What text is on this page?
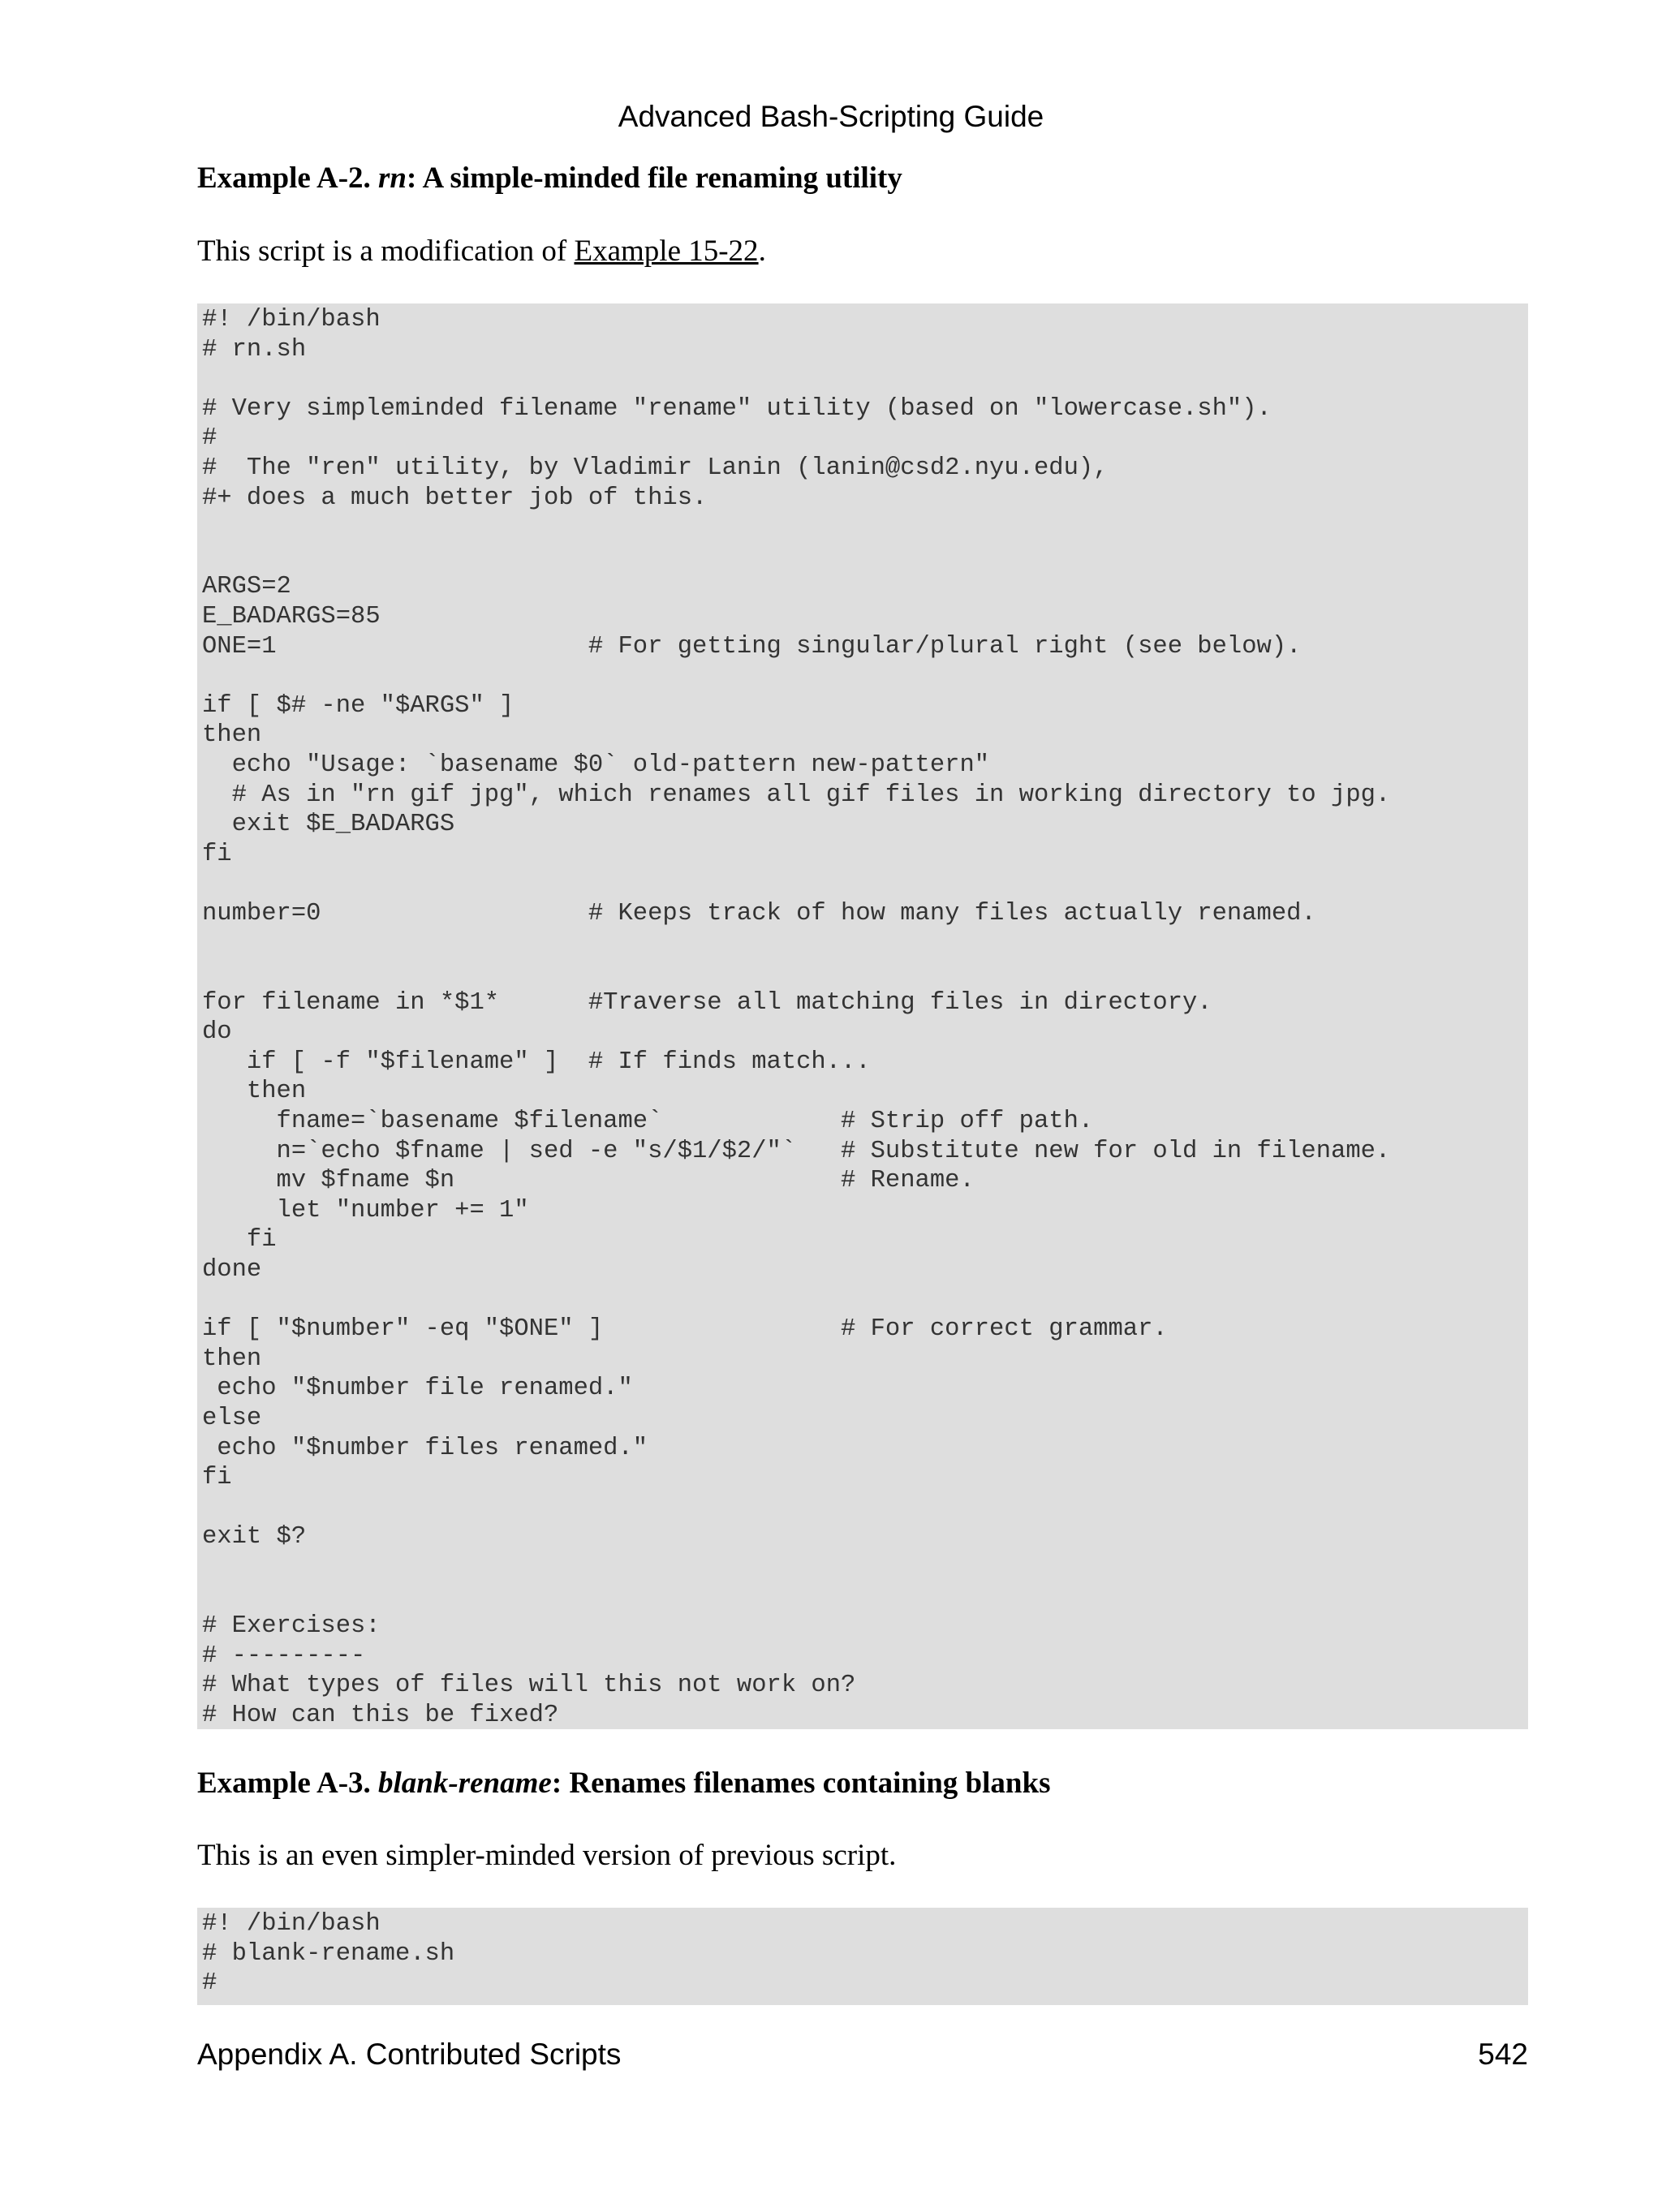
Advanced Bash-Scripting Guide
Example A-2. rn: A simple-minded file renaming utility
This script is a modification of Example 15-22.
#! /bin/bash
# rn.sh

# Very simpleminded filename "rename" utility (based on "lowercase.sh").
#
#  The "ren" utility, by Vladimir Lanin (lanin@csd2.nyu.edu),
#+ does a much better job of this.

ARGS=2
E_BADARGS=85
ONE=1                     # For getting singular/plural right (see below).

if [ $# -ne "$ARGS" ]
then
echo "Usage: `basename $0` old-pattern new-pattern"
# As in "rn gif jpg", which renames all gif files in working directory to jpg.
exit $E_BADARGS
fi

number=0                  # Keeps track of how many files actually renamed.

for filename in *$1*      #Traverse all matching files in directory.
do
if [ -f "$filename" ]  # If finds match...
then
fname=`basename $filename`            # Strip off path.
n=`echo $fname | sed -e "s/$1/$2/"`   # Substitute new for old in filename.
mv $fname $n                          # Rename.
let "number += 1"
fi
done

if [ "$number" -eq "$ONE" ]                # For correct grammar.
then
echo "$number file renamed."
else
echo "$number files renamed."
fi

exit $?

# Exercises:
# ---------
# What types of files will this not work on?
# How can this be fixed?
Example A-3. blank-rename: Renames filenames containing blanks
This is an even simpler-minded version of previous script.
#! /bin/bash
# blank-rename.sh
#
Appendix A. Contributed Scripts	542
